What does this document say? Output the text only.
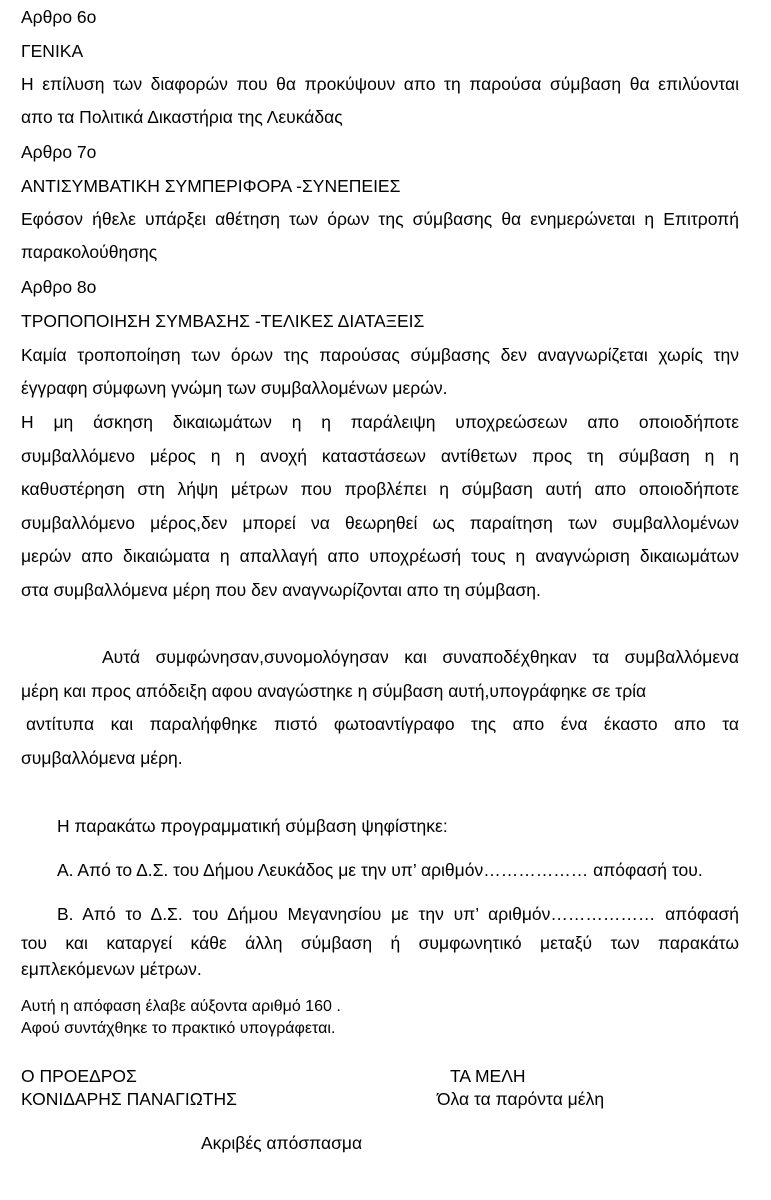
Αρθρο 6ο
ΓΕΝΙΚΑ
Η επίλυση των διαφορών που θα προκύψουν απο τη παρούσα σύμβαση θα επιλύονται
απο τα Πολιτικά Δικαστήρια της Λευκάδας
Αρθρο 7ο
ΑΝΤΙΣΥΜΒΑΤΙΚΗ ΣΥΜΠΕΡΙΦΟΡΑ -ΣΥΝΕΠΕΙΕΣ
Εφόσον ήθελε υπάρξει αθέτηση των όρων της σύμβασης θα ενημερώνεται η Επιτροπή
παρακολούθησης
Αρθρο 8ο
ΤΡΟΠΟΠΟΙΗΣΗ ΣΥΜΒΑΣΗΣ -ΤΕΛΙΚΕΣ ΔΙΑΤΑΞΕΙΣ
Καμία τροποποίηση των όρων της παρούσας σύμβασης δεν αναγνωρίζεται χωρίς την
έγγραφη σύμφωνη γνώμη των συμβαλλομένων μερών.
Η μη άσκηση δικαιωμάτων η η παράλειψη υποχρεώσεων απο οποιοδήποτε
συμβαλλόμενο μέρος η η ανοχή καταστάσεων αντίθετων προς τη σύμβαση η η
καθυστέρηση στη λήψη μέτρων που προβλέπει η σύμβαση αυτή απο οποιοδήποτε
συμβαλλόμενο μέρος,δεν μπορεί να θεωρηθεί ως παραίτηση των συμβαλλομένων
μερών απο δικαιώματα η απαλλαγή απο υποχρέωσή τους η αναγνώριση δικαιωμάτων
στα συμβαλλόμενα μέρη που δεν αναγνωρίζονται απο τη σύμβαση.
Αυτά συμφώνησαν,συνομολόγησαν και συναποδέχθηκαν τα συμβαλλόμενα
μέρη και προς απόδειξη αφου αναγώστηκε η σύμβαση αυτή,υπογράφηκε σε τρία
αντίτυπα και παραλήφθηκε πιστό φωτοαντίγραφο της απο ένα έκαστο απο τα
συμβαλλόμενα μέρη.
Η παρακάτω προγραμματική σύμβαση ψηφίστηκε:
Α. Από το Δ.Σ. του Δήμου Λευκάδος με την υπ’ αριθμόν……………… απόφασή του.
Β. Από το Δ.Σ. του Δήμου Μεγανησίου με την υπ’ αριθμόν……………… απόφασή
του και καταργεί κάθε άλλη σύμβαση ή συμφωνητικό μεταξύ των παρακάτω
εμπλεκόμενων μέτρων.
Αυτή η απόφαση έλαβε αύξοντα αριθμό 160 .
Αφού συντάχθηκε το πρακτικό υπογράφεται.
Ο ΠΡΟΕΔΡΟΣ
ΚΟΝΙΔΑΡΗΣ ΠΑΝΑΓΙΩΤΗΣ
ΤΑ ΜΕΛΗ
Όλα τα παρόντα μέλη
Ακριβές απόσπασμα
